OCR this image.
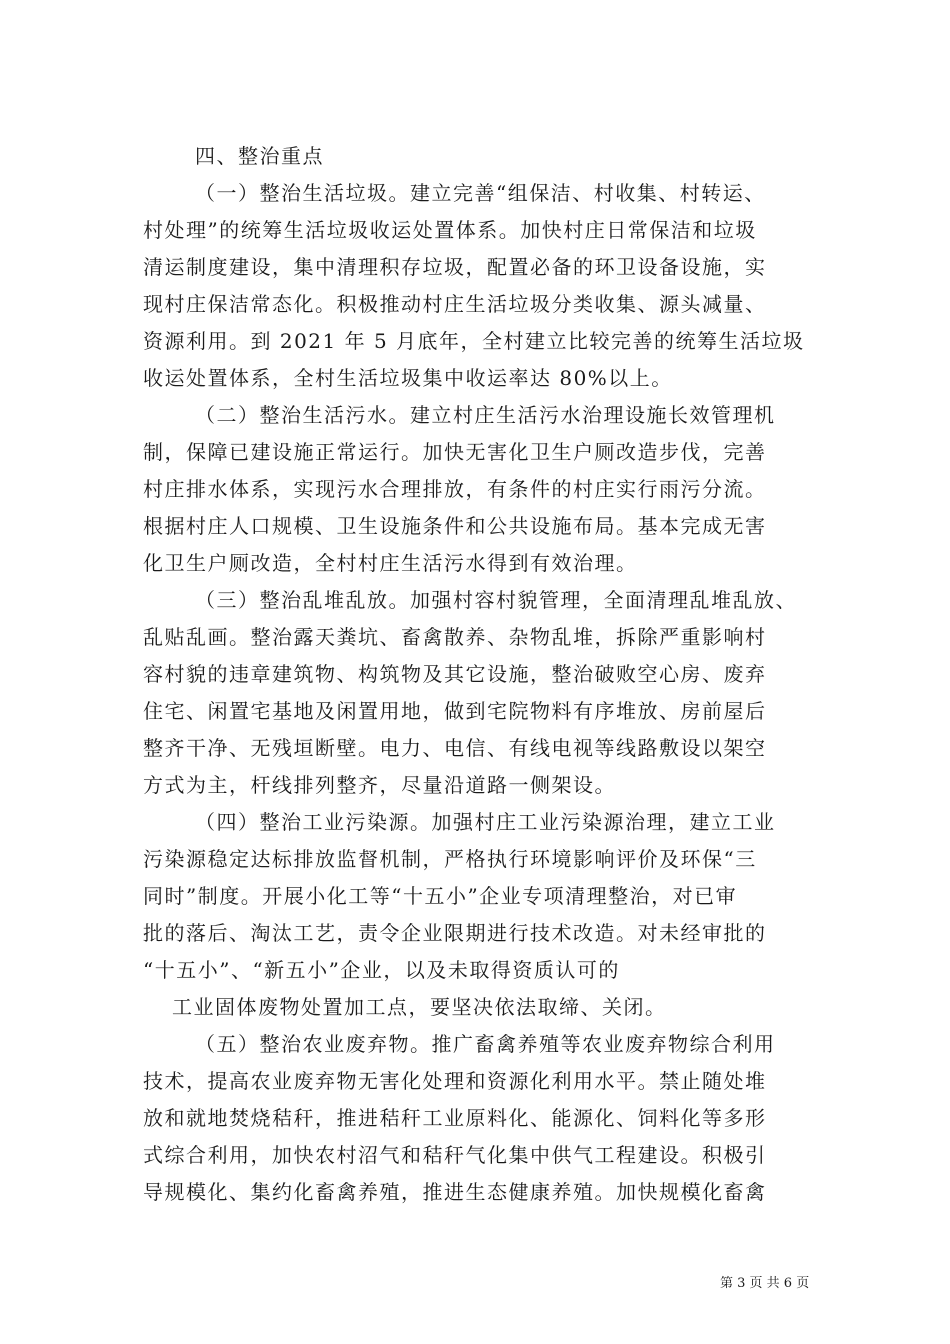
四、整治重点

（一）整治生活垃圾。建立完善“组保洁、村收集、村转运、

村处理”的统筹生活垃圾收运处置体系。加快村庄日常保洁和垃圾

清运制度建设，集中清理积存垃圾，配置必备的环卫设备设施，实

现村庄保洁常态化。积极推动村庄生活垃圾分类收集、源头减量、

资源利用。到 2021 年 5 月底年，全村建立比较完善的统筹生活垃圾

收运处置体系，全村生活垃圾集中收运率达 80%以上。

（二）整治生活污水。建立村庄生活污水治理设施长效管理机

制，保障已建设施正常运行。加快无害化卫生户厕改造步伐，完善

村庄排水体系，实现污水合理排放，有条件的村庄实行雨污分流。

根据村庄人口规模、卫生设施条件和公共设施布局。基本完成无害

化卫生户厕改造，全村村庄生活污水得到有效治理。

（三）整治乱堆乱放。加强村容村貌管理，全面清理乱堆乱放、

乱贴乱画。整治露天粪坑、畜禽散养、杂物乱堆，拆除严重影响村

容村貌的违章建筑物、构筑物及其它设施，整治破败空心房、废弃

住宅、闲置宅基地及闲置用地，做到宅院物料有序堆放、房前屋后

整齐干净、无残垣断壁。电力、电信、有线电视等线路敷设以架空

方式为主，杆线排列整齐，尽量沿道路一侧架设。

（四）整治工业污染源。加强村庄工业污染源治理，建立工业

污染源稳定达标排放监督机制，严格执行环境影响评价及环保“三

同时”制度。开展小化工等“十五小”企业专项清理整治，对已审

批的落后、淘汰工艺，责令企业限期进行技术改造。对未经审批的

“十五小”、“新五小”企业，以及未取得资质认可的

工业固体废物处置加工点，要坚决依法取缔、关闭。

（五）整治农业废弃物。推广畜禽养殖等农业废弃物综合利用

技术，提高农业废弃物无害化处理和资源化利用水平。禁止随处堆

放和就地焚烧秸秆，推进秸秆工业原料化、能源化、饲料化等多形

式综合利用，加快农村沼气和秸秆气化集中供气工程建设。积极引

导规模化、集约化畜禽养殖，推进生态健康养殖。加快规模化畜禽

第 3 页 共 6 页
